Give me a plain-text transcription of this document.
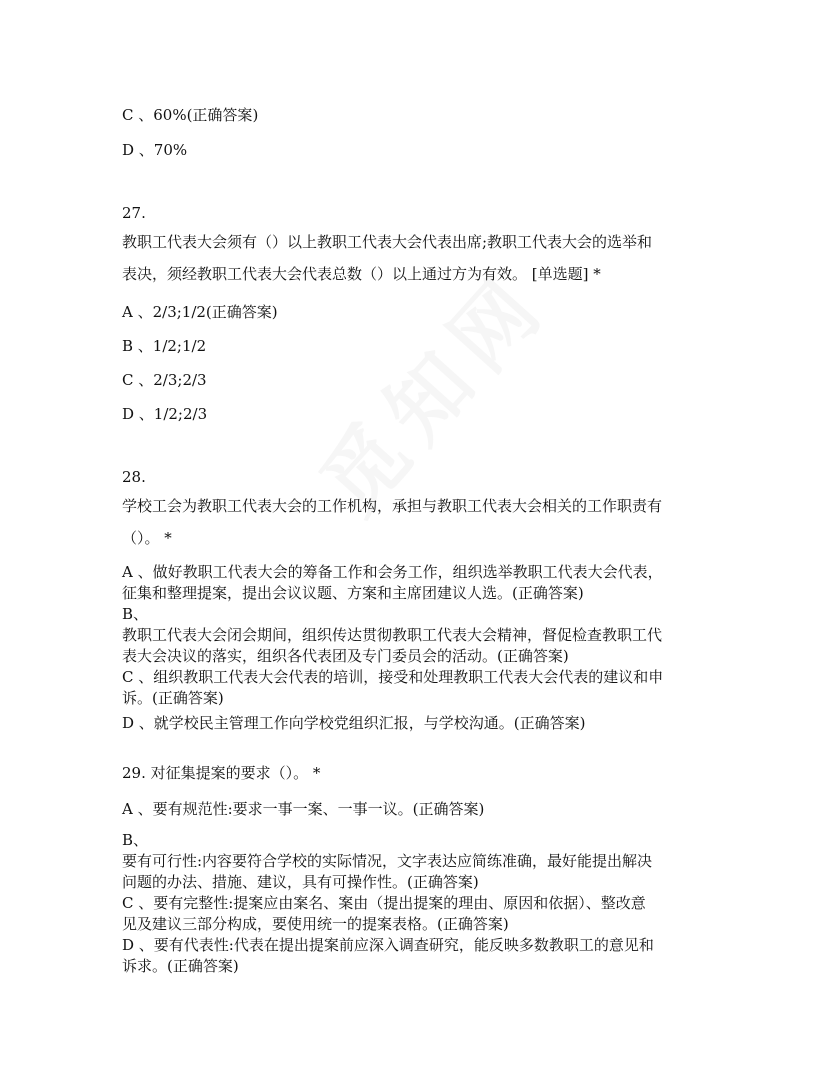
C 、60%(正确答案)

D 、70%

27.

教职工代表大会须有（）以上教职工代表大会代表出席;教职工代表大会的选举和

表决，须经教职工代表大会代表总数（）以上通过方为有效。 [单选题] *

A 、2/3;1/2(正确答案)

B 、1/2;1/2

C 、2/3;2/3

D 、1/2;2/3

28.

学校工会为教职工代表大会的工作机构，承担与教职工代表大会相关的工作职责有

（）。 *

A 、做好教职工代表大会的筹备工作和会务工作，组织选举教职工代表大会代表，

征集和整理提案，提出会议议题、方案和主席团建议人选。(正确答案)

B、

教职工代表大会闭会期间，组织传达贯彻教职工代表大会精神，督促检查教职工代

表大会决议的落实，组织各代表团及专门委员会的活动。(正确答案)

C 、组织教职工代表大会代表的培训，接受和处理教职工代表大会代表的建议和申

诉。(正确答案)

D 、就学校民主管理工作向学校党组织汇报，与学校沟通。(正确答案)

29. 对征集提案的要求（）。 *

A 、要有规范性:要求一事一案、一事一议。(正确答案)

B、

要有可行性:内容要符合学校的实际情况，文字表达应简练准确，最好能提出解决

问题的办法、措施、建议，具有可操作性。(正确答案)

C 、要有完整性:提案应由案名、案由（提出提案的理由、原因和依据）、整改意

见及建议三部分构成，要使用统一的提案表格。(正确答案)

D 、要有代表性:代表在提出提案前应深入调查研究，能反映多数教职工的意见和

诉求。(正确答案)
